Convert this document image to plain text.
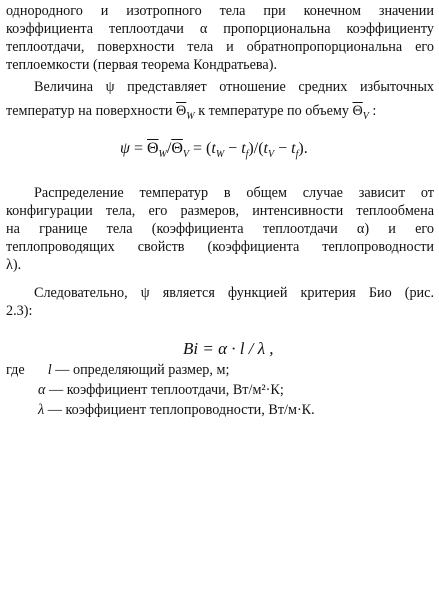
однородного и изотропного тела при конечном значении
коэффициента теплоотдачи α пропорциональна коэффициенту
теплоотдачи, поверхности тела и обратнопропорциональна его
теплоемкости (первая теорема Кондратьева).
Величина ψ представляет отношение средних избыточных
температур на поверхности $\overline{\Theta}_W$ к температуре по объему $\overline{\Theta}_V$ :
$\psi = \overline{\Theta}_W/\overline{\Theta}_V = (t_W - t_f)/(t_V - t_f)$.
Распределение температур в общем случае зависит от
конфигурации тела, его размеров, интенсивности теплообмена
на границе тела (коэффициента теплоотдачи α) и его
теплопроводящих свойств (коэффициента теплопроводности
λ).
Следовательно, ψ является функцией критерия Био (рис.
2.3):
Bi = α · l / λ ,
где l — определяющий размер, м;
α — коэффициент теплоотдачи, Вт/м²·К;
λ — коэффициент теплопроводности, Вт/м·К.
